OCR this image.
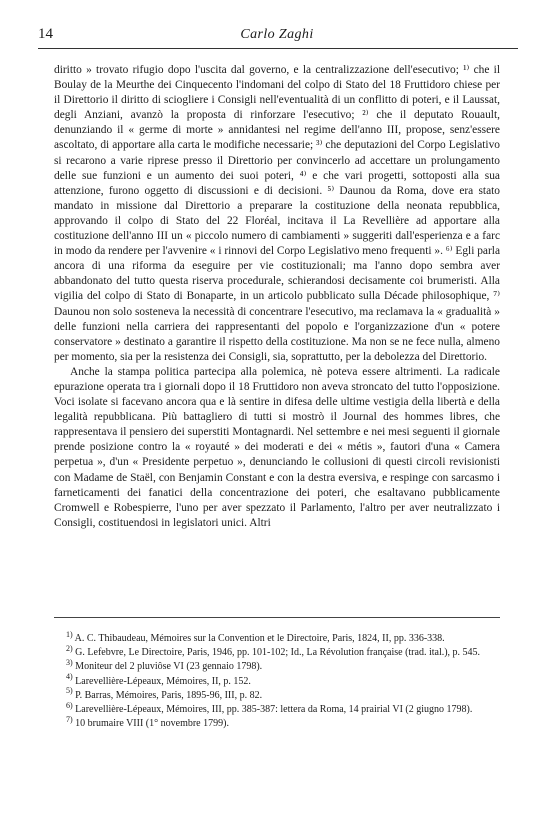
14	Carlo Zaghi

diritto » trovato rifugio dopo l'uscita dal governo, e la centralizzazione dell'esecutivo; ¹⁾ che il Boulay de la Meurthe dei Cinquecento l'indomani del colpo di Stato del 18 Fruttidoro chiese per il Direttorio il diritto di sciogliere i Consigli nell'eventualità di un conflitto di poteri, e il Laussat, degli Anziani, avanzò la proposta di rinforzare l'esecutivo; ²⁾ che il deputato Rouault, denunziando il « germe di morte » annidantesi nel regime dell'anno III, propose, senz'essere ascoltato, di apportare alla carta le modifiche necessarie; ³⁾ che deputazioni del Corpo Legislativo si recarono a varie riprese presso il Direttorio per convincerlo ad accettare un prolungamento delle sue funzioni e un aumento dei suoi poteri, ⁴⁾ e che vari progetti, sottoposti alla sua attenzione, furono oggetto di discussioni e di decisioni. ⁵⁾ Daunou da Roma, dove era stato mandato in missione dal Direttorio a preparare la costituzione della neonata repubblica, approvando il colpo di Stato del 22 Floréal, incitava il La Revellière ad apportare alla costituzione dell'anno III un « piccolo numero di cambiamenti » suggeriti dall'esperienza e a farc in modo da rendere per l'avvenire « i rinnovi del Corpo Legislativo meno frequenti ». ⁶⁾ Egli parla ancora di una riforma da eseguire per vie costituzionali; ma l'anno dopo sembra aver abbandonato del tutto questa riserva procedurale, schierandosi decisamente coi brumeristi. Alla vigilia del colpo di Stato di Bonaparte, in un articolo pubblicato sulla Décade philosophique, ⁷⁾ Daunou non solo sosteneva la necessità di concentrare l'esecutivo, ma reclamava la « gradualità » delle funzioni nella carriera dei rappresentanti del popolo e l'organizzazione d'un « potere conservatore » destinato a garantire il rispetto della costituzione. Ma non se ne fece nulla, almeno per momento, sia per la resistenza dei Consigli, sia, soprattutto, per la debolezza del Direttorio.

Anche la stampa politica partecipa alla polemica, nè poteva essere altrimenti. La radicale epurazione operata tra i giornali dopo il 18 Fruttidoro non aveva stroncato del tutto l'opposizione. Voci isolate si facevano ancora qua e là sentire in difesa delle ultime vestigia della libertà e della legalità repubblicana. Più battagliero di tutti si mostrò il Journal des hommes libres, che rappresentava il pensiero dei superstiti Montagnardi. Nel settembre e nei mesi seguenti il giornale prende posizione contro la « royauté » dei moderati e dei « métis », fautori d'una « Camera perpetua », d'un « Presidente perpetuo », denunciando le collusioni di questi circoli revisionisti con Madame de Staël, con Benjamin Constant e con la destra eversiva, e respinge con sarcasmo i farneticamenti dei fanatici della concentrazione dei poteri, che esaltavano pubblicamente Cromwell e Robespierre, l'uno per aver spezzato il Parlamento, l'altro per aver neutralizzato i Consigli, costituendosi in legislatori unici. Altri

$^{1)}$ A. C. Thibaudeau, Mémoires sur la Convention et le Directoire, Paris, 1824, II, pp. 336-338.

$^{2)}$ G. Lefebvre, Le Directoire, Paris, 1946, pp. 101-102; Id., La Révolution française (trad. ital.), p. 545.

$^{3)}$ Moniteur del 2 pluviôse VI (23 gennaio 1798).

$^{4)}$ Larevellière-Lépeaux, Mémoires, II, p. 152.

$^{5)}$ P. Barras, Mémoires, Paris, 1895-96, III, p. 82.

$^{6)}$ Larevellière-Lépeaux, Mémoires, III, pp. 385-387: lettera da Roma, 14 prairial VI (2 giugno 1798).

$^{7)}$ 10 brumaire VIII (1° novembre 1799).
